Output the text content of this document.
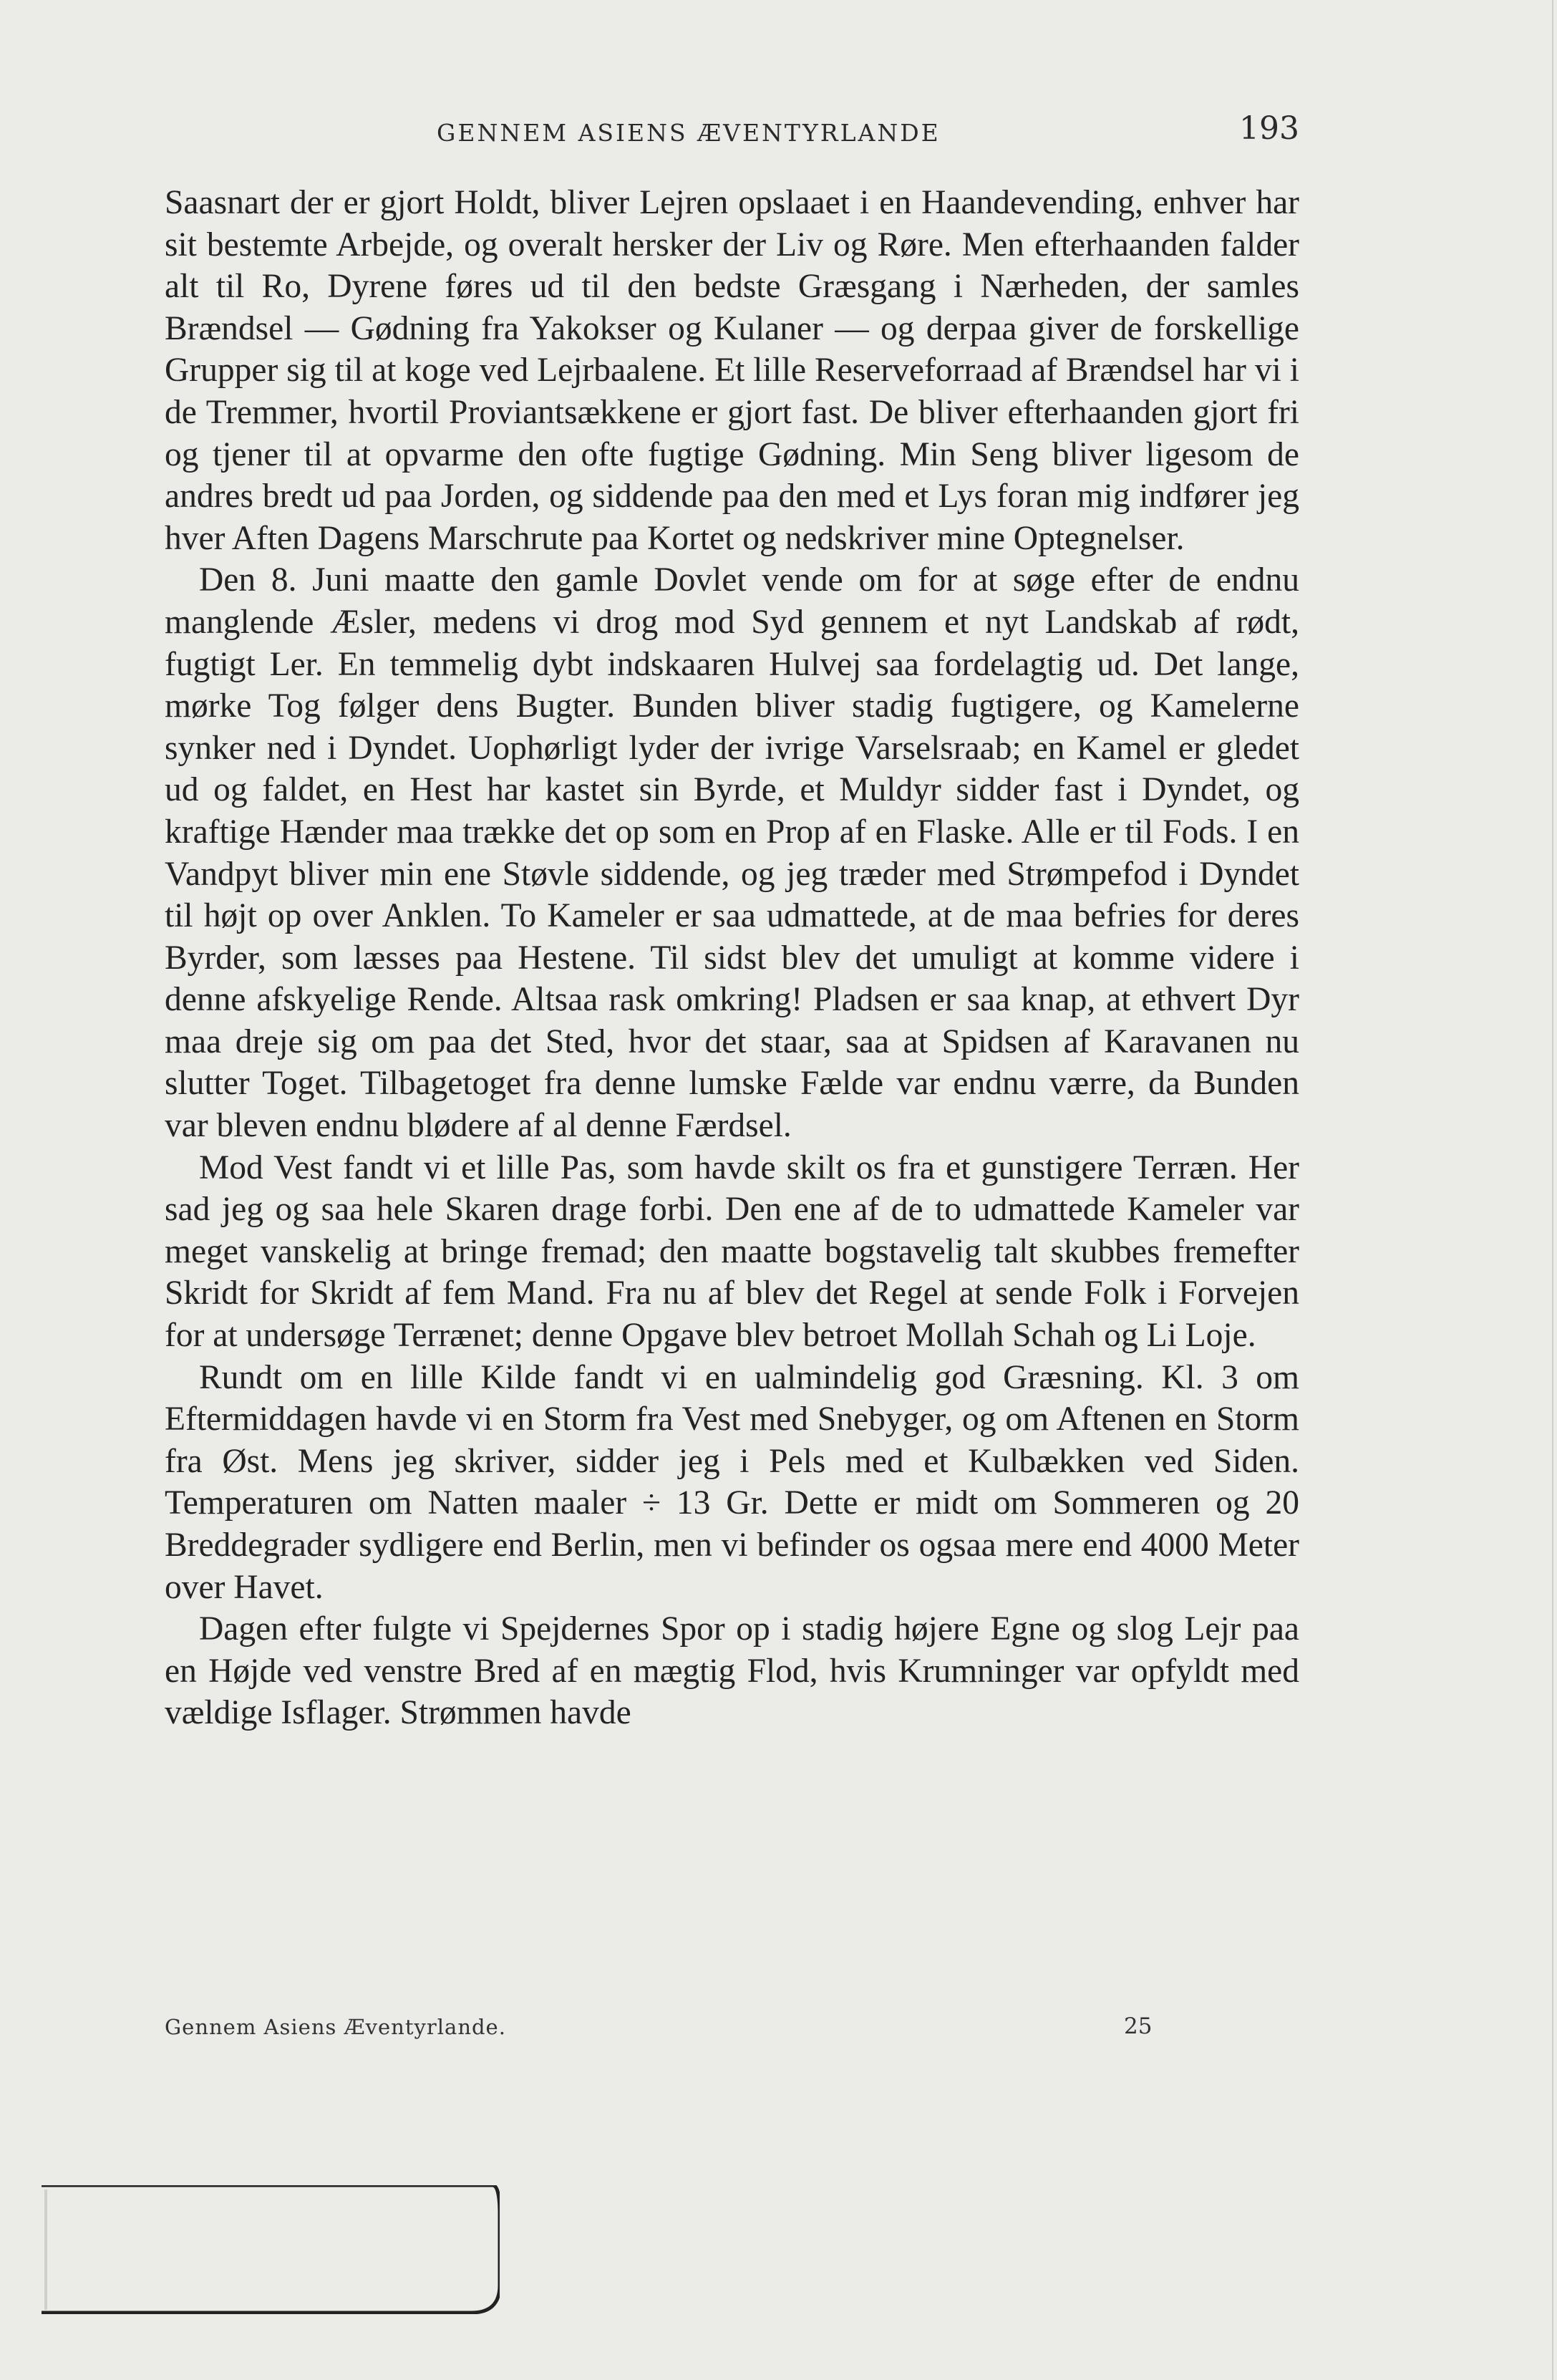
GENNEM ASIENS ÆVENTYRLANDE	193

Saasnart der er gjort Holdt, bliver Lejren opslaaet i en Haandevending, enhver har sit bestemte Arbejde, og overalt hersker der Liv og Røre. Men efterhaanden falder alt til Ro, Dyrene føres ud til den bedste Græsgang i Nærheden, der samles Brændsel — Gødning fra Yakokser og Kulaner — og derpaa giver de forskellige Grupper sig til at koge ved Lejrbaalene. Et lille Reserveforraad af Brændsel har vi i de Tremmer, hvortil Proviantsækkene er gjort fast. De bliver efterhaanden gjort fri og tjener til at opvarme den ofte fugtige Gødning. Min Seng bliver ligesom de andres bredt ud paa Jorden, og siddende paa den med et Lys foran mig indfører jeg hver Aften Dagens Marschrute paa Kortet og nedskriver mine Optegnelser.

Den 8. Juni maatte den gamle Dovlet vende om for at søge efter de endnu manglende Æsler, medens vi drog mod Syd gennem et nyt Landskab af rødt, fugtigt Ler. En temmelig dybt indskaaren Hulvej saa fordelagtig ud. Det lange, mørke Tog følger dens Bugter. Bunden bliver stadig fugtigere, og Kamelerne synker ned i Dyndet. Uophørligt lyder der ivrige Varselsraab; en Kamel er gledet ud og faldet, en Hest har kastet sin Byrde, et Muldyr sidder fast i Dyndet, og kraftige Hænder maa trække det op som en Prop af en Flaske. Alle er til Fods. I en Vandpyt bliver min ene Støvle siddende, og jeg træder med Strømpefod i Dyndet til højt op over Anklen. To Kameler er saa udmattede, at de maa befries for deres Byrder, som læsses paa Hestene. Til sidst blev det umuligt at komme videre i denne afskyelige Rende. Altsaa rask omkring! Pladsen er saa knap, at ethvert Dyr maa dreje sig om paa det Sted, hvor det staar, saa at Spidsen af Karavanen nu slutter Toget. Tilbagetoget fra denne lumske Fælde var endnu værre, da Bunden var bleven endnu blødere af al denne Færdsel.

Mod Vest fandt vi et lille Pas, som havde skilt os fra et gunstigere Terræn. Her sad jeg og saa hele Skaren drage forbi. Den ene af de to udmattede Kameler var meget vanskelig at bringe fremad; den maatte bogstavelig talt skubbes fremefter Skridt for Skridt af fem Mand. Fra nu af blev det Regel at sende Folk i Forvejen for at undersøge Terrænet; denne Opgave blev betroet Mollah Schah og Li Loje.

Rundt om en lille Kilde fandt vi en ualmindelig god Græsning. Kl. 3 om Eftermiddagen havde vi en Storm fra Vest med Snebyger, og om Aftenen en Storm fra Øst. Mens jeg skriver, sidder jeg i Pels med et Kulbækken ved Siden. Temperaturen om Natten maaler ÷ 13 Gr. Dette er midt om Sommeren og 20 Breddegrader sydligere end Berlin, men vi befinder os ogsaa mere end 4000 Meter over Havet.

Dagen efter fulgte vi Spejdernes Spor op i stadig højere Egne og slog Lejr paa en Højde ved venstre Bred af en mægtig Flod, hvis Krumninger var opfyldt med vældige Isflager. Strømmen havde

Gennem Asiens Æventyrlande.	25
